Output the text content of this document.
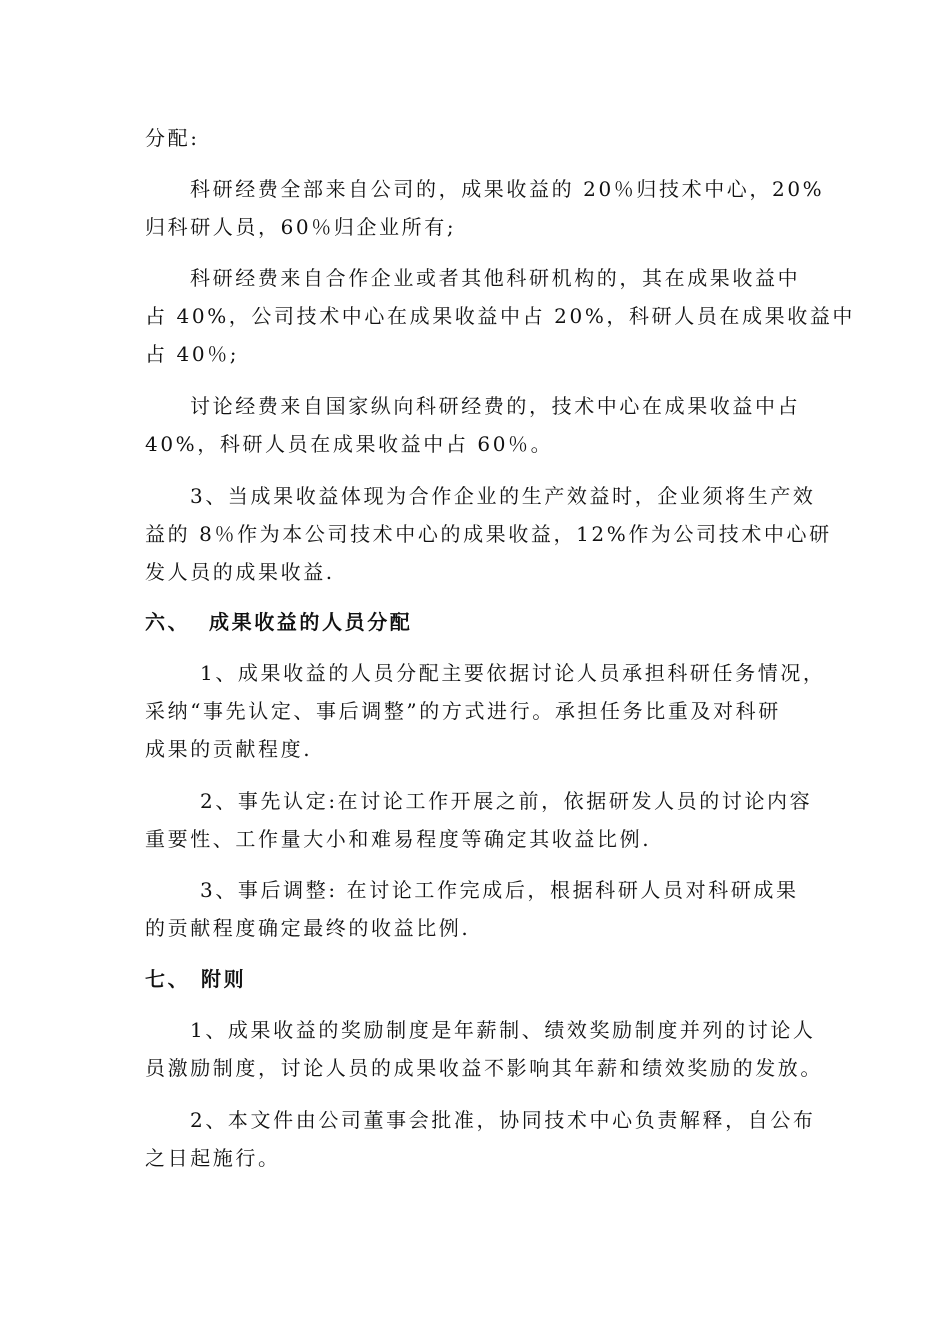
分配:

科研经费全部来自公司的，成果收益的 20％归技术中心，20%

归科研人员，60％归企业所有;

科研经费来自合作企业或者其他科研机构的，其在成果收益中

占 40%，公司技术中心在成果收益中占 20%，科研人员在成果收益中

占 40％;

讨论经费来自国家纵向科研经费的，技术中心在成果收益中占

40%，科研人员在成果收益中占 60％。

3、当成果收益体现为合作企业的生产效益时，企业须将生产效

益的 8％作为本公司技术中心的成果收益，12%作为公司技术中心研

发人员的成果收益.

六、 成果收益的人员分配

1、成果收益的人员分配主要依据讨论人员承担科研任务情况，

采纳“事先认定、事后调整”的方式进行。承担任务比重及对科研

成果的贡献程度.

2、事先认定:在讨论工作开展之前，依据研发人员的讨论内容

重要性、工作量大小和难易程度等确定其收益比例.

3、事后调整: 在讨论工作完成后，根据科研人员对科研成果

的贡献程度确定最终的收益比例.

七、 附则

1、成果收益的奖励制度是年薪制、绩效奖励制度并列的讨论人

员激励制度，讨论人员的成果收益不影响其年薪和绩效奖励的发放。

2、本文件由公司董事会批准，协同技术中心负责解释，自公布

之日起施行。
